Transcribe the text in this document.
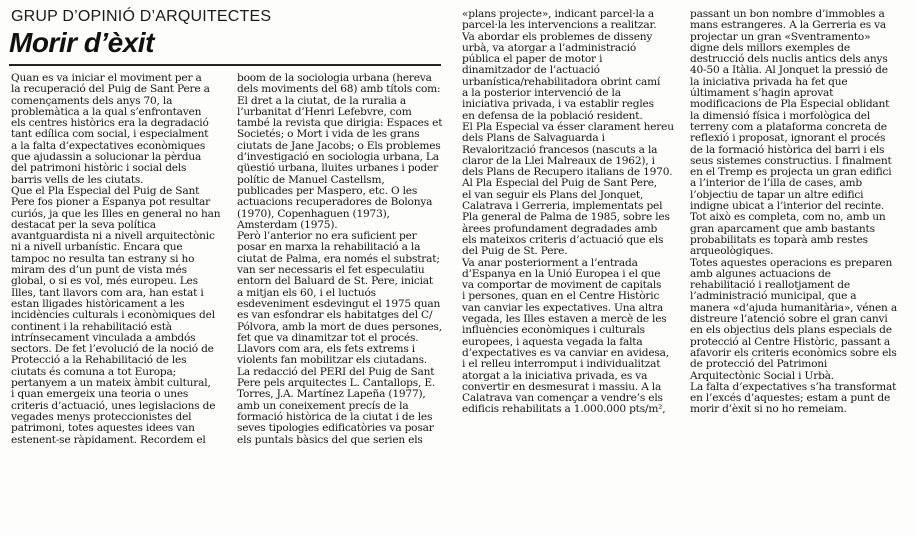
GRUP D’OPINIÓ D’ARQUITECTES
Morir d’èxit

Quan es va iniciar el moviment per a
la recuperació del Puig de Sant Pere a
començaments dels anys 70, la
problemàtica a la qual s’enfrontaven
els centres històrics era la degradació
tant edílica com social, i especialment
a la falta d’expectatives econòmiques
que ajudassin a solucionar la pèrdua
del patrimoni històric i social dels
barris vells de les ciutats.

Que el Pla Especial del Puig de Sant
Pere fos pioner a Espanya pot resultar
curiós, ja que les Illes en general no han
destacat per la seva política
avantguardista ni a nivell arquitectònic
ni a nivell urbanístic. Encara que
tampoc no resulta tan estrany si ho
miram des d’un punt de vista més
global, o si es vol, més europeu. Les
Illes, tant llavors com ara, han estat i
estan lligades històricament a les
incidències culturals i econòmiques del
continent i la rehabilitació està
intrínsecament vinculada a ambdós
sectors. De fet l’evolució de la noció de
Protecció a la Rehabilitació de les
ciutats és comuna a tot Europa;
pertanyem a un mateix àmbit cultural,
i quan emergeix una teoria o unes
criteris d’actuació, unes legislacions de
vegades menys proteccionistes del
patrimoni, totes aquestes idees van
estenent-se ràpidament. Recordem el

boom de la sociologia urbana (hereva
dels moviments del 68) amb títols com:
El dret a la ciutat, de la ruralia a
l’urbanitat d’Henri Lefebvre, com
també la revista que dirigia: Espaces et
Societés; o Mort i vida de les grans
ciutats de Jane Jacobs; o Els problemes
d’investigació en sociologia urbana, La
qüestió urbana, lluites urbanes i poder
polític de Manuel Castellsm,
publicades per Maspero, etc. O les
actuacions recuperadores de Bolonya
(1970), Copenhaguen (1973),
Amsterdam (1975).

Però l’anterior no era suficient per
posar en marxa la rehabilitació a la
ciutat de Palma, era només el substrat;
van ser necessaris el fet especulatiu
entorn del Baluard de St. Pere, iniciat
a mitjan els 60, i el luctuós
esdeveniment esdevingut el 1975 quan
es van esfondrar els habitatges del C/
Pólvora, amb la mort de dues persones,
fet que va dinamitzar tot el procés.
Llavors com ara, els fets extrems i
violents fan mobilitzar els ciutadans.

La redacció del PERI del Puig de Sant
Pere pels arquitectes L. Cantallops, E.
Torres, J.A. Martínez Lapeña (1977),
amb un coneixement precís de la
formació històrica de la ciutat i de les
seves tipologies edificatòries va posar
els puntals bàsics del que serien els

«plans projecte», indicant parcel·la a
parcel·la les intervencions a realitzar.
Va abordar els problemes de disseny
urbà, va atorgar a l’administració
pública el paper de motor i
dinamitzador de l’actuació
urbanística/rehabilitadora obrint camí
a la posterior intervenció de la
iniciativa privada, i va establir regles
en defensa de la població resident.

El Pla Especial va ésser clarament hereu
dels Plans de Salvaguarda i
Revalorització francesos (nascuts a la
claror de la Llei Malreaux de 1962), i
dels Plans de Recupero italians de 1970.
Al Pla Especial del Puig de Sant Pere,
el van seguir els Plans del Jonquet,
Calatrava i Gerreria, implementats pel
Pla general de Palma de 1985, sobre les
àrees profundament degradades amb
els mateixos criteris d’actuació que els
del Puig de St. Pere.

Va anar posteriorment a l’entrada
d’Espanya en la Unió Europea i el que
va comportar de moviment de capitals
i persones, quan en el Centre Històric
van canviar les expectatives. Una altra
vegada, les Illes estaven a mercè de les
influències econòmiques i culturals
europees, i aquesta vegada la falta
d’expectatives es va canviar en avidesa,
i el relleu interromput i individualitzat
atorgat a la iniciativa privada, es va
convertir en desmesurat i massiu. A la
Calatrava van començar a vendre’s els
edificis rehabilitats a 1.000.000 pts/m²,

passant un bon nombre d’immobles a
mans estrangeres. A la Gerreria es va
projectar un gran «Sventramento»
digne dels millors exemples de
destrucció dels nuclis antics dels anys
40-50 a Itàlia. Al Jonquet la pressió de
la iniciativa privada ha fet que
últimament s’hagin aprovat
modificacions de Pla Especial oblidant
la dimensió física i morfològica del
terreny com a plataforma concreta de
reflexió i proposat, ignorant el procés
de la formació històrica del barri i els
seus sistemes constructius. I finalment
en el Tremp es projecta un gran edifici
a l’interior de l’illa de cases, amb
l’objectiu de tapar un altre edifici
indigne ubicat a l’interior del recinte.
Tot això es completa, com no, amb un
gran aparcament que amb bastants
probabilitats es toparà amb restes
arqueològiques.

Totes aquestes operacions es preparen
amb algunes actuacions de
rehabilitació i reallotjament de
l’administració municipal, que a
manera «d’ajuda humanitària», vénen a
distreure l’atenció sobre el gran canvi
en els objectius dels plans especials de
protecció al Centre Històric, passant a
afavorir els criteris econòmics sobre els
de protecció del Patrimoni
Arquitectònic Social i Urbà.

La falta d’expectatives s’ha transformat
en l’excés d’aquestes; estam a punt de
morir d’èxit si no ho remeiam.
